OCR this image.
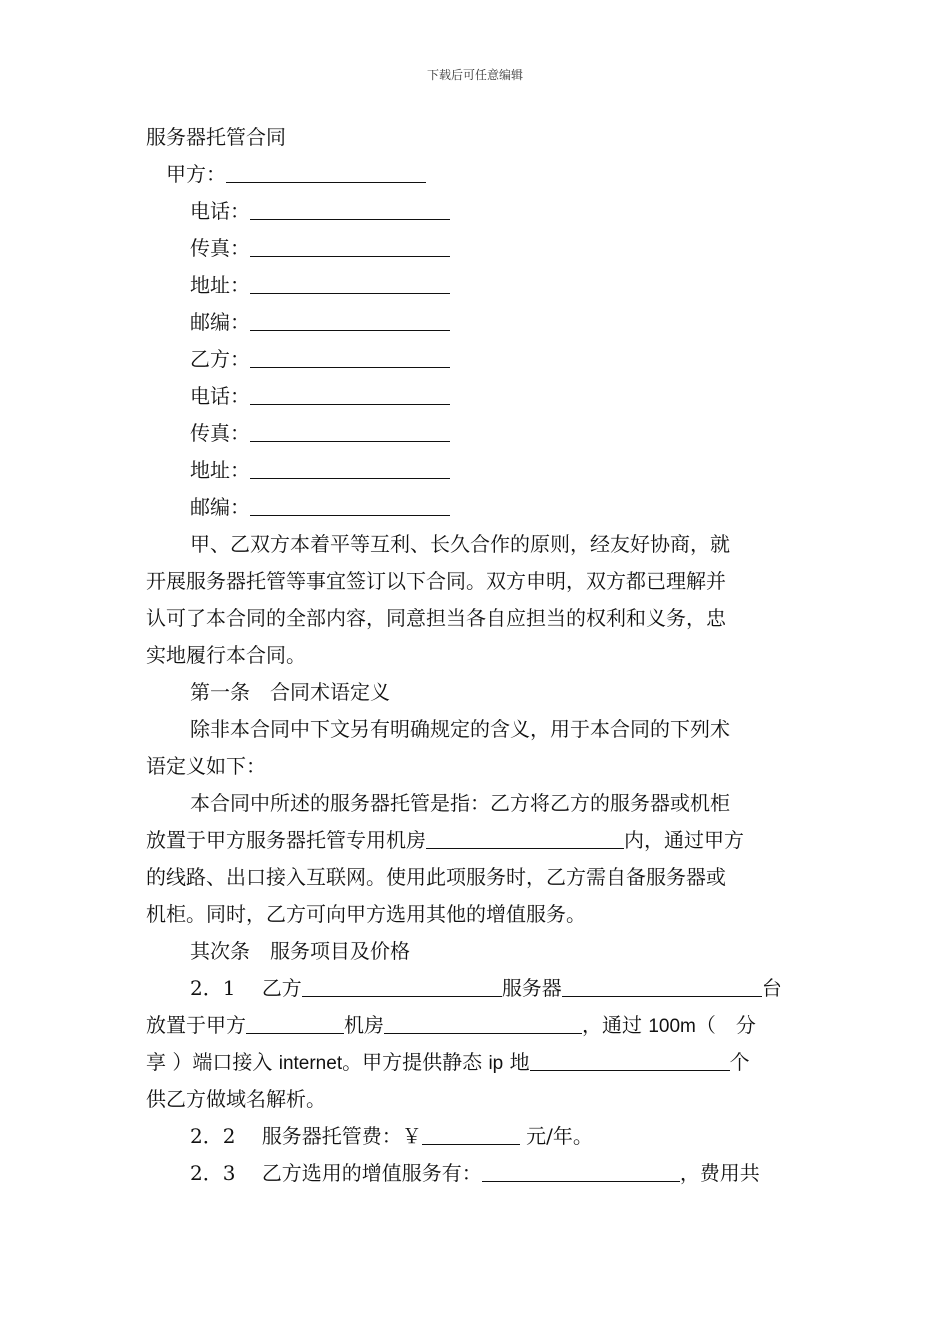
下载后可任意编辑
服务器托管合同
甲方：
电话：
传真：
地址：
邮编：
乙方：
电话：
传真：
地址：
邮编：
甲、乙双方本着平等互利、长久合作的原则，经友好协商，就
开展服务器托管等事宜签订以下合同。双方申明，双方都已理解并
认可了本合同的全部内容，同意担当各自应担当的权利和义务，忠
实地履行本合同。
第一条　合同术语定义
除非本合同中下文另有明确规定的含义，用于本合同的下列术
语定义如下：
本合同中所述的服务器托管是指：乙方将乙方的服务器或机柜
放置于甲方服务器托管专用机房	内，通过甲方
的线路、出口接入互联网。使用此项服务时，乙方需自备服务器或
机柜。同时，乙方可向甲方选用其他的增值服务。
其次条　服务项目及价格
2．1　 乙方	服务器	台
放置于甲方	机房	，通过 100m（　分
享 ）端口接入 internet。甲方提供静态 ip 地	个
供乙方做域名解析。
2．2　 服务器托管费：￥	元/年。
2．3　 乙方选用的增值服务有：	，费用共
